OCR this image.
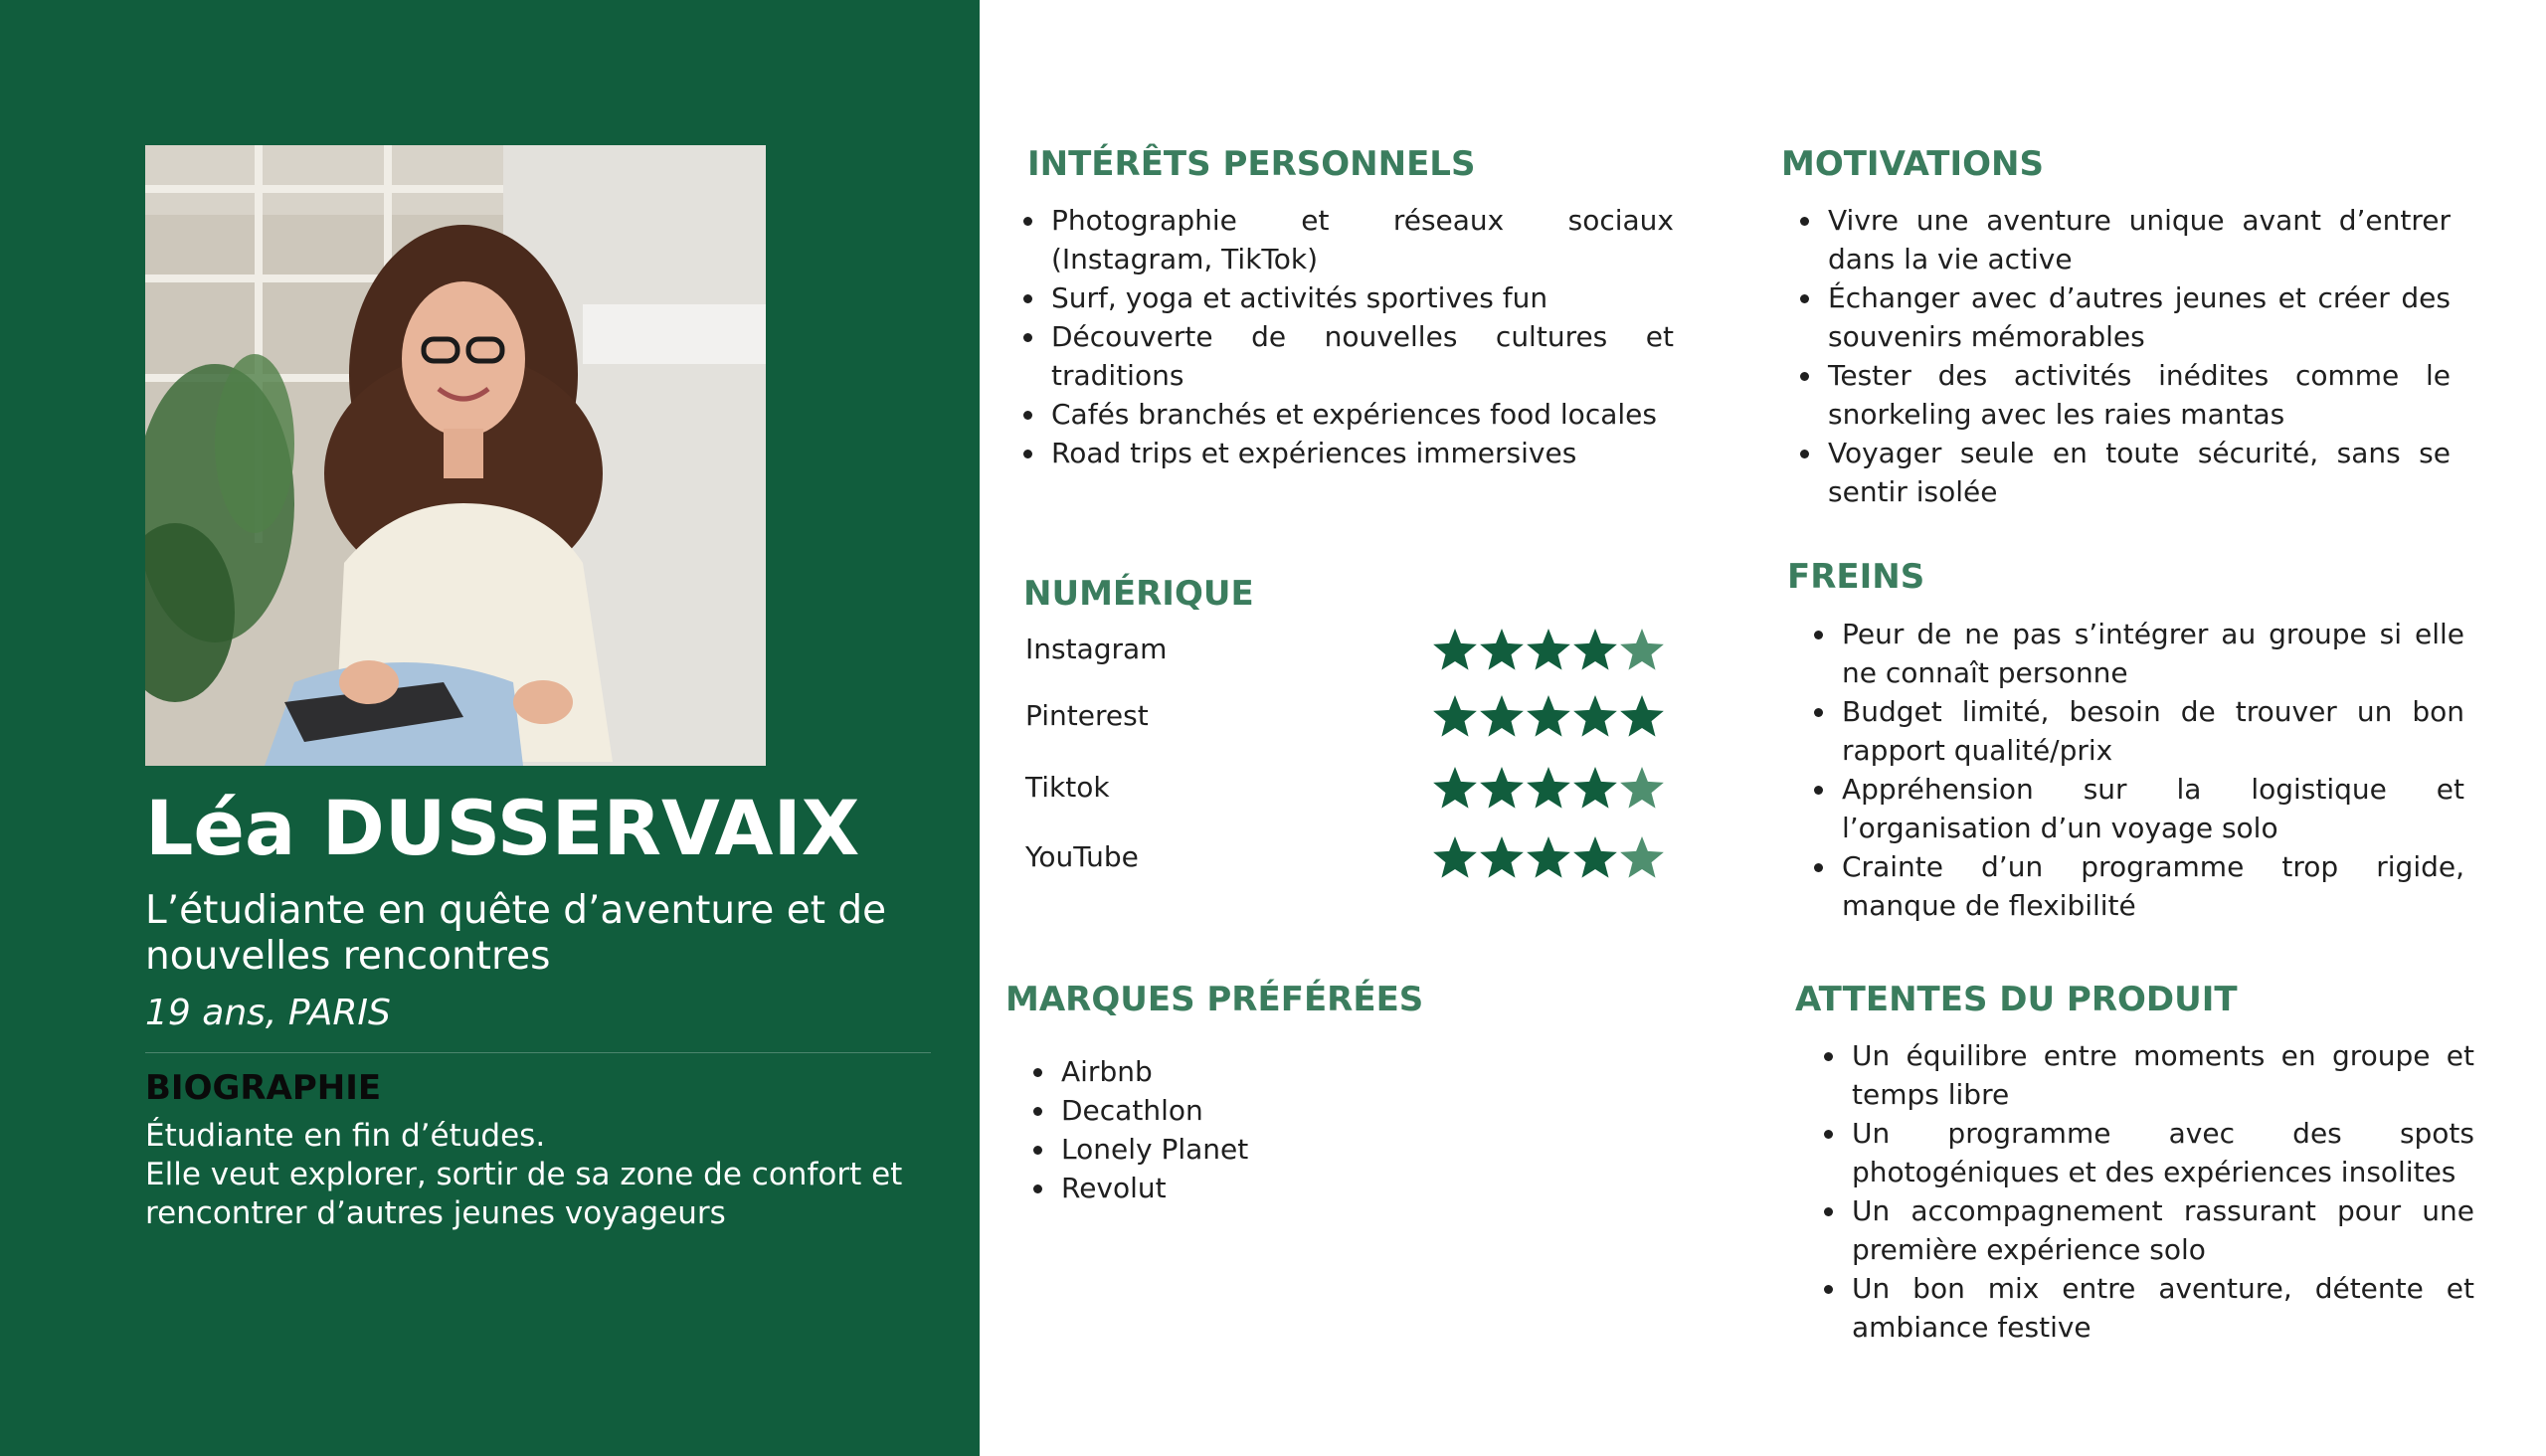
Léa DUSSERVAIX

L’étudiante en quête d’aventure et de nouvelles rencontres

19 ans, PARIS

BIOGRAPHIE

Étudiante en fin d’études.
Elle veut explorer, sortir de sa zone de confort et rencontrer d’autres jeunes voyageurs

INTÉRÊTS PERSONNELS
• Photographie et réseaux sociaux (Instagram, TikTok)
• Surf, yoga et activités sportives fun
• Découverte de nouvelles cultures et traditions
• Cafés branchés et expériences food locales
• Road trips et expériences immersives
NUMÉRIQUE
Instagram
Pinterest
Tiktok
YouTube
MARQUES PRÉFÉRÉES
• Airbnb
• Decathlon
• Lonely Planet
• Revolut
MOTIVATIONS
• Vivre une aventure unique avant d’entrer dans la vie active
• Échanger avec d’autres jeunes et créer des souvenirs mémorables
• Tester des activités inédites comme le snorkeling avec les raies mantas
• Voyager seule en toute sécurité, sans se sentir isolée
FREINS
• Peur de ne pas s’intégrer au groupe si elle ne connaît personne
• Budget limité, besoin de trouver un bon rapport qualité/prix
• Appréhension sur la logistique et l’organisation d’un voyage solo
• Crainte d’un programme trop rigide, manque de flexibilité
ATTENTES DU PRODUIT
• Un équilibre entre moments en groupe et temps libre
• Un programme avec des spots photogéniques et des expériences insolites
• Un accompagnement rassurant pour une première expérience solo
• Un bon mix entre aventure, détente et ambiance festive
